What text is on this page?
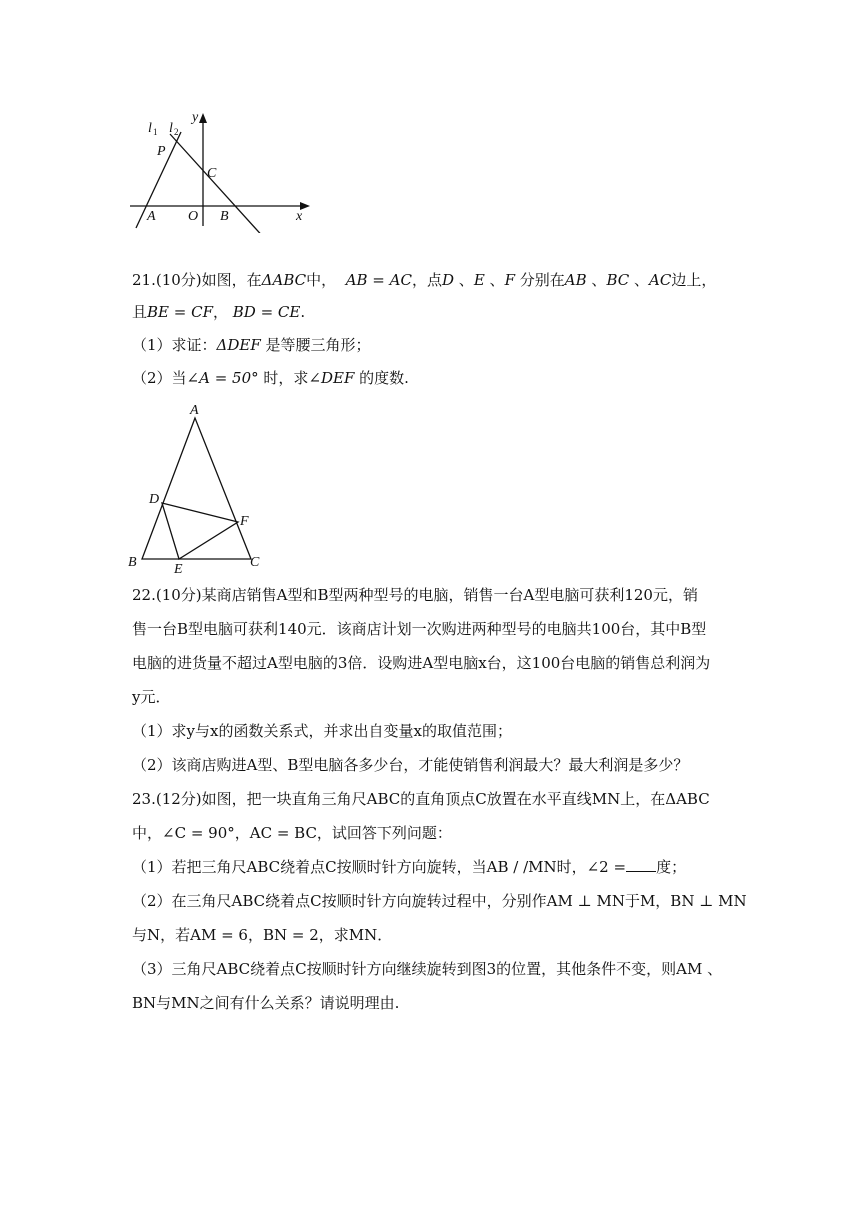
l 1 l 2
y
x
P
C
A O B
21.(10分)如图，在ΔABC中， AB = AC，点D 、E 、F 分别在AB 、BC 、AC边上，
且BE = CF， BD = CE.
（1）求证：ΔDEF 是等腰三角形；
（2）当∠A = 50° 时，求∠DEF 的度数.
A
B	C
D
E
F
22.(10分)某商店销售A型和B型两种型号的电脑，销售一台A型电脑可获利120元，销
售一台B型电脑可获利140元．该商店计划一次购进两种型号的电脑共100台，其中B型
电脑的进货量不超过A型电脑的3倍．设购进A型电脑x台，这100台电脑的销售总利润为
y元．
（1）求y与x的函数关系式，并求出自变量x的取值范围；
（2）该商店购进A型、B型电脑各多少台，才能使销售利润最大？最大利润是多少？
23.(12分)如图，把一块直角三角尺ABC的直角顶点C放置在水平直线MN上，在ΔABC
中，∠C = 90°，AC = BC，试回答下列问题：
（1）若把三角尺ABC绕着点C按顺时针方向旋转，当AB / /MN时，∠2 = 度；
（2）在三角尺ABC绕着点C按顺时针方向旋转过程中，分别作AM ⊥ MN于M，BN ⊥ MN
与N，若AM = 6，BN = 2，求MN．
（3）三角尺ABC绕着点C按顺时针方向继续旋转到图3的位置，其他条件不变，则AM 、
BN与MN之间有什么关系？请说明理由.
